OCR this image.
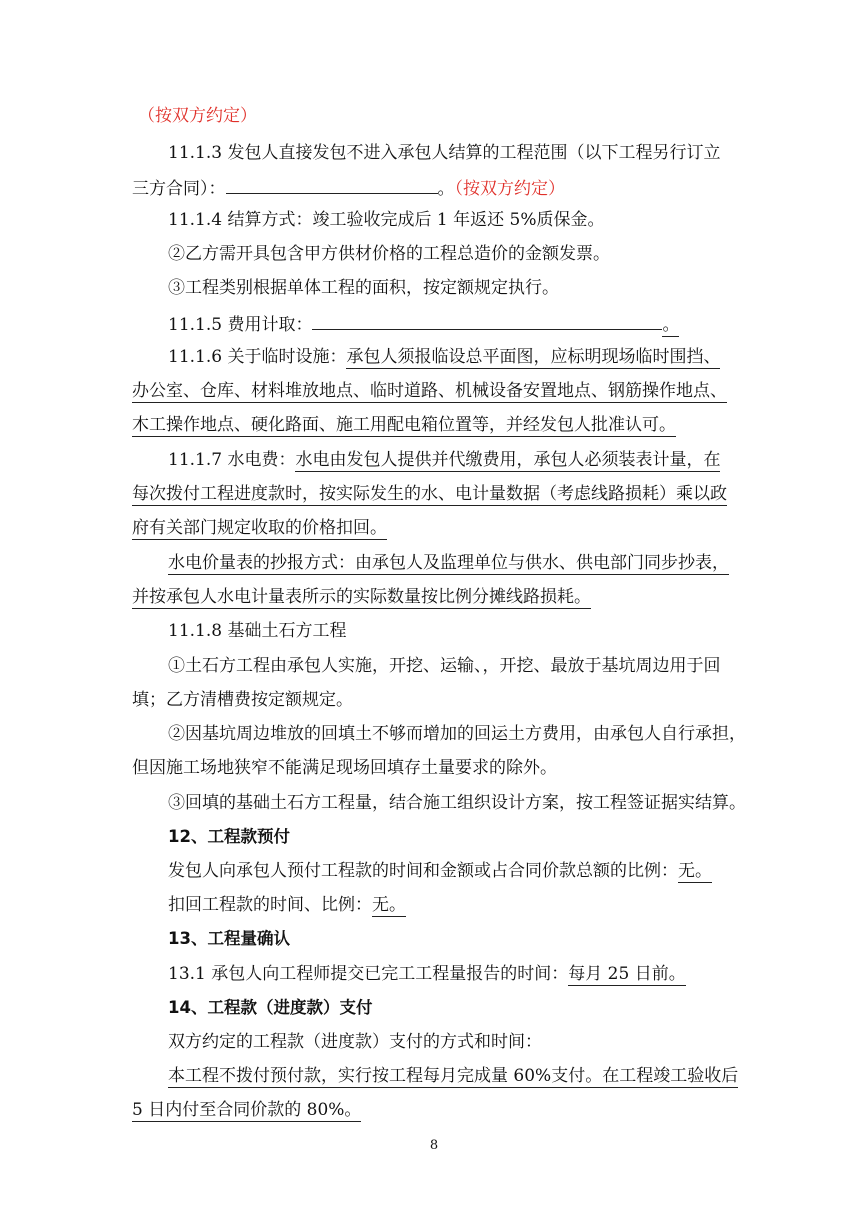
（按双方约定）
11.1.3 发包人直接发包不进入承包人结算的工程范围（以下工程另行订立
三方合同）：	。（按双方约定）
11.1.4 结算方式：竣工验收完成后 1 年返还 5%质保金。
②乙方需开具包含甲方供材价格的工程总造价的金额发票。
③工程类别根据单体工程的面积，按定额规定执行。
11.1.5 费用计取：	。
11.1.6 关于临时设施：承包人须报临设总平面图，应标明现场临时围挡、
办公室、仓库、材料堆放地点、临时道路、机械设备安置地点、钢筋操作地点、
木工操作地点、硬化路面、施工用配电箱位置等，并经发包人批准认可。
11.1.7 水电费：水电由发包人提供并代缴费用，承包人必须装表计量，在
每次拨付工程进度款时，按实际发生的水、电计量数据（考虑线路损耗）乘以政
府有关部门规定收取的价格扣回。
水电价量表的抄报方式：由承包人及监理单位与供水、供电部门同步抄表，
并按承包人水电计量表所示的实际数量按比例分摊线路损耗。
11.1.8 基础土石方工程
①土石方工程由承包人实施，开挖、运输、，开挖、最放于基坑周边用于回
填；乙方清槽费按定额规定。
②因基坑周边堆放的回填土不够而增加的回运土方费用，由承包人自行承担，
但因施工场地狭窄不能满足现场回填存土量要求的除外。
③回填的基础土石方工程量，结合施工组织设计方案，按工程签证据实结算。
12、工程款预付
发包人向承包人预付工程款的时间和金额或占合同价款总额的比例：无。
扣回工程款的时间、比例：无。
13、工程量确认
13.1 承包人向工程师提交已完工工程量报告的时间：每月 25 日前。
14、工程款（进度款）支付
双方约定的工程款（进度款）支付的方式和时间：
本工程不拨付预付款，实行按工程每月完成量 60%支付。在工程竣工验收后
5 日内付至合同价款的 80%。
8
